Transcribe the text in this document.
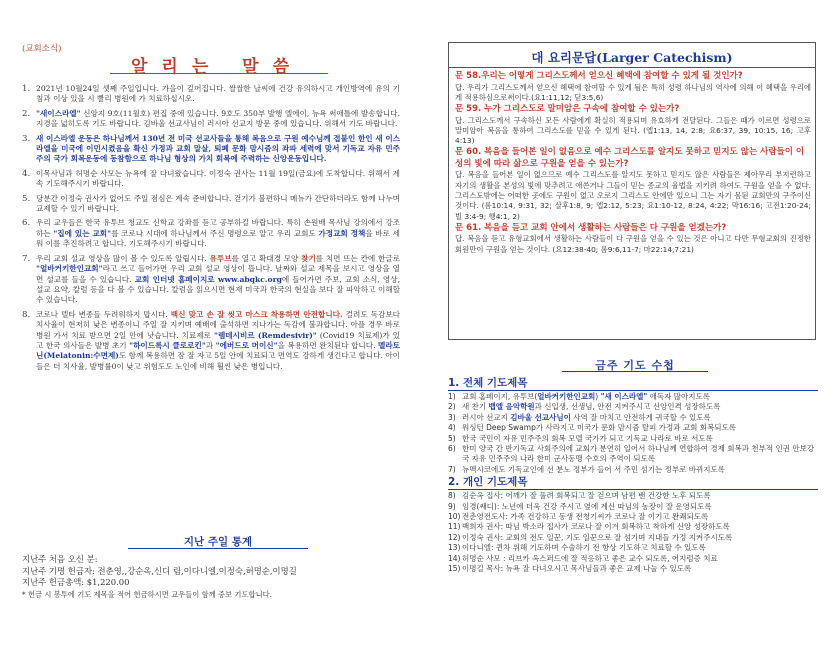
(교회소식)
알리는 말씀
1. 2021년 10월24일 셋째 주일입니다. 가을이 깊어집니다. 쌀쌀한 날씨에 건강 유의하시고 개인방역에 유의 기침과 이상 있을 시 빨리 병원에 가 치료하십시오.
2. "새이스라엘" 신앙지 9호(11월호) 편집 중에 있습니다. 9호도 350부 발행 엘에이, 뉴욕 써애틀에 발송합니다. 지경을 넓히도록 기도 바랍니다. 김바울 선교사님이 러시아 선교지 방문 중에 있습니다. 위해서 기도 바랍니다.
3. 새 이스라엘 운동은 하나님께서 130년 전 미국 선교사들을 통해 복음으로 구원 예수님께 접붙인 한인 새 이스라엘을 미국에 이민시켰음을 확신 가정과 교회 말살, 퇴폐 문화 맘시즘의 좌파 세력에 맞서 기독교 자유 민주주의 국가 회복운동에 동참함으로 하나님 형상의 가치 회복에 주력하는 신앙운동입니다.
4. 이목사님과 허명순 사모는 뉴욕에 잘 다녀왔습니다. 이정숙 권사는 11월 19일(금요)에 도착합니다. 위해서 계속 기도해주시기 바랍니다.
5. 당분간 이정숙 권사가 없어도 주일 점심은 계속 준비합니다. 걷기가 불편하니 메뉴가 간단하더라도 함께 나누며 교제할 수 있기 바랍니다.
6. 우리 교우들은 한국 유투브 청교도 신학교 강좌를 듣고 공부하길 바랍니다. 특히 손원배 목사님 강의에서 강조하는 "집에 있는 교회"를 코로나 시대에 하나님께서 주신 명령으로 알고 우리 교회도 가정교회 정책을 바로 세워 이를 추진하려고 합니다. 기도해주시기 바랍니다.
7. 우리 교회 설교 영상을 많이 볼 수 있도록 알립시다. 유투브를 열고 확대경 모양 찾기를 치면 뜨는 칸에 한글로 "얼바커키한인교회"라고 쓰고 들어가면 우리 교회 설교 영상이 뜹니다. 날짜와 설교 제목을 보시고 영상을 열면 설교를 들을 수 있습니다. 교회 인터넷 홈페이지로 www.abqkc.org에 들어가면 주보, 교회 소식, 영상, 설교 요약, 칼럼 등을 다 볼 수 있습니다. 칼럼을 읽으시면 현재 미국과 한국의 현실을 보다 잘 파악하고 이해할 수 있습니다.
8. 코로나 델타 변종들 두려워하지 맙시다. 백신 맞고 손 잘 씻고 마스크 착용하면 안전합니다. 걸려도 독감보다 치사율이 현저히 낮은 변종이니 주일 잘 지키며 예배에 출석하면 지나가는 독감에 불과합니다. 아플 경우 바로 병원 가서 치료 받으면 2일 안에 낫습니다. 치료제로 "렘데시비르 (Remdesivir)" (Covid19 치료제)가 있고 한국 의사들은 발병 초기 "하이드록시 클로로킨"과 "에버드로 머이신"을 복용하면 완치된다 합니다. 멜라토닌(Melatonin:수면제)도 함께 복용하면 잠 잘 자고 5일 안에 치료되고 면역도 강하게 생긴다고 합니다. 아이들은 더 치사율, 발병률0이 낮고 위험도도 노인에 비해 훨씬 낮은 병입니다.
지난 주일 통계
지난주 처음 오신 분:
지난주 기명 헌금자: 전춘영,,강순옥,신디 림,이다니엘,이정숙,허명순,이명길
지난주 헌금총액: $1,220.00
* 헌금 시 봉투에 기도 제목을 적어 헌금하시면 교우들이 함께 중보 기도합니다.
대 요리문답(Larger Catechism)
문 58.우리는 어떻게 그리스도께서 얻으신 혜택에 참여할 수 있게 될 것인가?
답. 우리가 그리스도께서 얻으신 혜택에 참여할 수 있게 됨은 특히 성령 하나님의 역사에 의해 이 혜택을 우리에게 적용하심으로써이다.(요1:11,12; 딛3:5,6)
문 59. 누가 그리스도로 말미암은 구속에 참여할 수 있는가?
답. 그리스도께서 구속하신 모든 사람에게 확실히 적용되며 유효하게 전달된다. 그들은 때가 이르면 성령으로 말미암아 복음을 통하여 그리스도를 믿을 수 있게 된다. (엡1:13, 14, 2:8; 요6:37, 39, 10:15, 16; 고후4:13)
문 60. 복음을 들어본 일이 없음으로 예수 그리스도를 알지도 못하고 믿지도 않는 사람들이 이성의 빛에 따라 삶으로 구원을 얻을 수 있는가?
답. 복음을 들어본 일이 없으므로 예수 그리스도를 알지도 못하고 믿지도 않은 사람들은 제아무리 부지런하고 자기의 생활을 본성의 빛에 맞추려고 애쓴거나 그들이 믿는 종교의 율법을 지키려 하여도 구원을 얻을 수 없다. 그리스도밖에는 어떠한 곳에도 구원이 없고 오로지 그리스도 안에만 있으니 그는 자기 몸된 교회만의 구주이신 것이다. (롬10:14, 9:31, 32; 살후1:8, 9; 엡2:12, 5:23; 요1:10-12, 8:24, 4:22; 막16:16; 고전1:20-24; 빌 3:4-9; 행4:1, 2)
문 61. 복음을 듣고 교회 안에서 생활하는 사람들은 다 구원을 얻겠는가?
답. 복음을 듣고 유형교회에서 생활하는 사람들이 다 구원을 얻을 수 있는 것은 아니고 다만 무형교회의 진정한 회원만이 구원을 얻는 것이다. (요12:38-40; 롬9:6,11-7; 마22:14,7:21)
금주 기도 수첩
1. 전체 기도제목
1) 교회 홈페이지, 유투브(얼바커키한인교회) "새 이스라엘" 애독자 많아지도록
2) 새 찬기 뱁엘 음악학원과 신입생, 선생님, 안전 지켜주시고 신앙인격 성장하도록
3) 러시아 선교지 김바울 선교사님이 사역 잘 마치고 안전하게 귀국할 수 있도록
4) 워싱턴 Deep Swamp가 사라지고 미국가 문화 맘시즘 탈피 가정과 교회 회복되도록
5) 한국 국민이 자유 민주주의 회복 모델 국가가 되고 기독교 나라로 바로 서도록
6) 한미 양국 간 반기독교 사회주의에 교회가 분연히 일어서 하나님께 연합하여 경제 회복과 천부적 인권 안보강국 자유 민주주의 나라 한미 군사동맹 수호의 주역이 되도록
7) 뉴멕시코에도 기독교인에 선 분노 정부가 들어 서 주민 섬기는 정부로 바뀌지도록
2. 개인 기도제목
8) 김순옥 집사: 어깨가 잘 풀려 회복되고 잘 걷으며 남편 밴 건강한 노후 되도록
9) 임경(쌔디): 노년에 더욱 건강 주시고 옆에 계신 따님의 농장이 잘 운영되도록
10) 전춘영전도사: 가족 건강하고 동생 전청기씨가 코로나 잘 이기고 완쾌되도록
11) 백희자 권사: 따님 박소라 집사가 코로나 잘 이겨 회복하고 착하게 신앙 성장하도록
12) 이정숙 권사: 교회의 전도 일꾼, 기도 일꾼으로 잘 섬기며 지내들 가정 지켜주시도록
13) 이다니엘: 퀸차 위해 기도하며 수술하기 전 항상 기도하고 치료할 수 있도록
14) 허명순 사모 : 리브카 옥스퍼드에 잘 적응하고 좋은 교수 되도록, 어지럼증 치료
15) 이명길 목사: 뉴욕 잘 다녀오시고 목사님들과 좋은 교제 나눌 수 있도록
